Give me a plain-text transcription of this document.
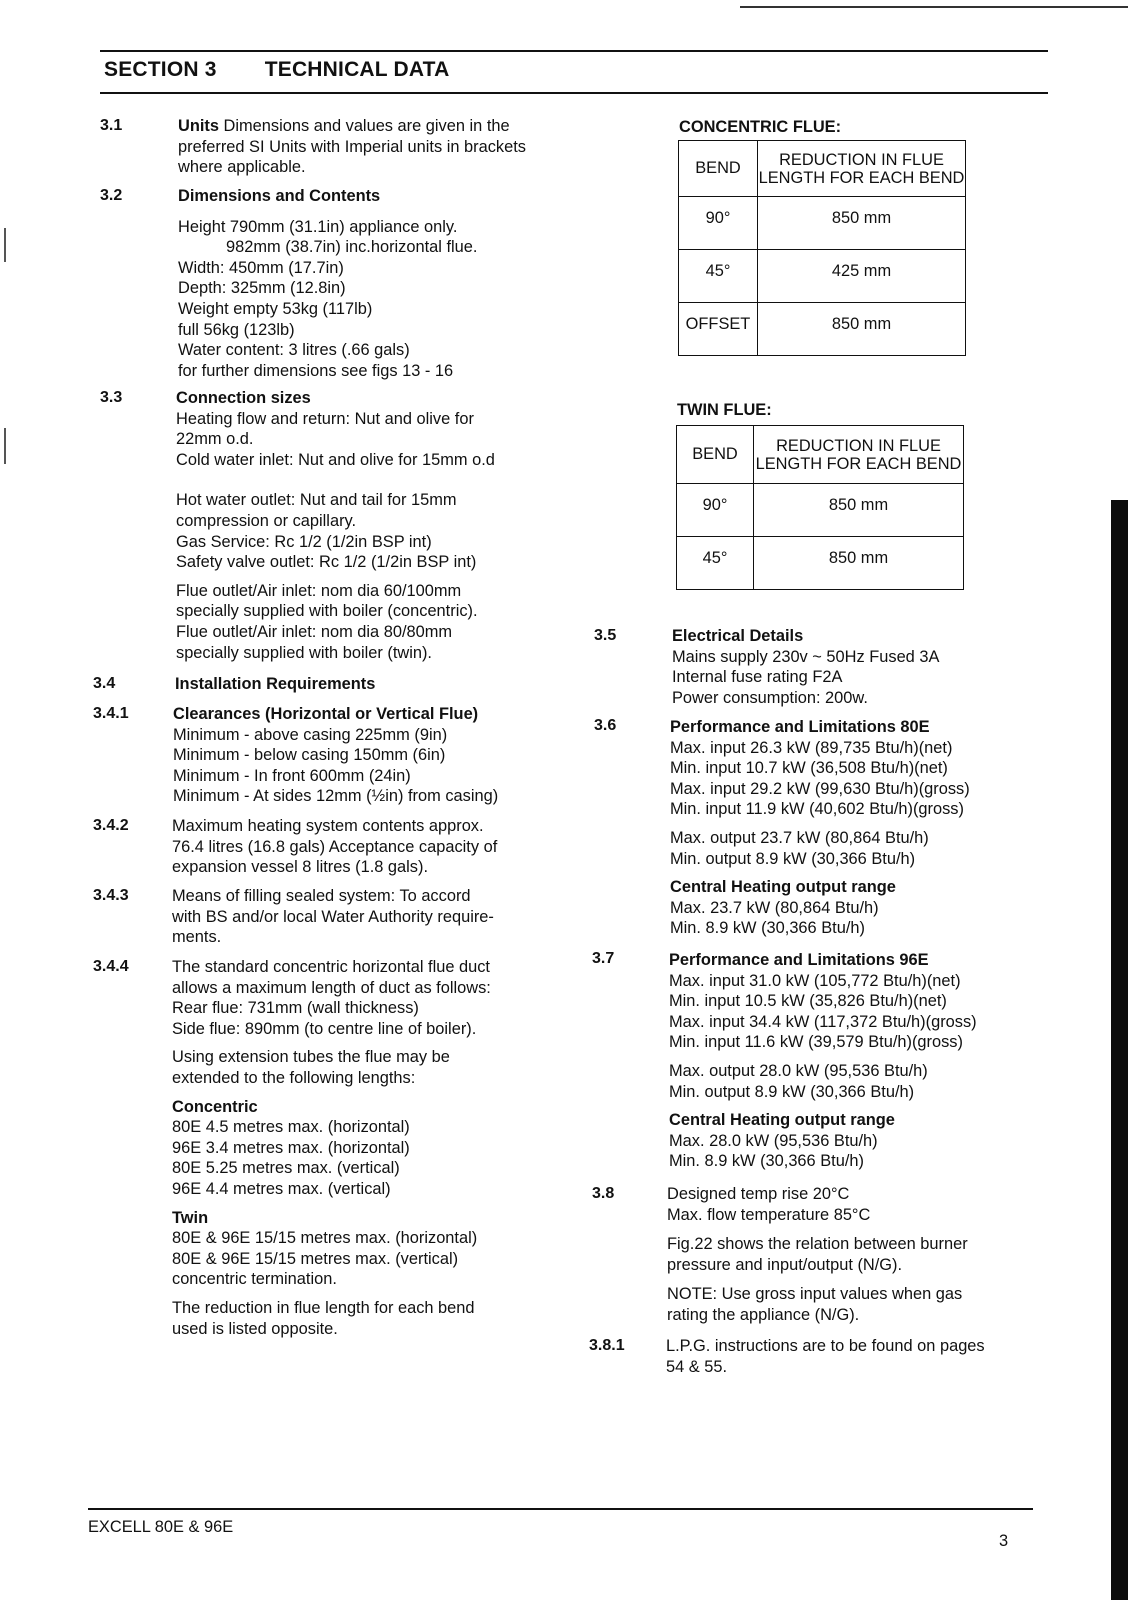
SECTION 3 TECHNICAL DATA
3.1	Units Dimensions and values are given in the preferred SI Units with Imperial units in brackets where applicable.
3.2	Dimensions and Contents
Height 790mm (31.1in) appliance only.
982mm (38.7in) inc.horizontal flue.
Width: 450mm (17.7in)
Depth: 325mm (12.8in)
Weight empty 53kg (117lb)
full 56kg (123lb)
Water content: 3 litres (.66 gals)
for further dimensions see figs 13 - 16
3.3	Connection sizes
Heating flow and return: Nut and olive for
22mm o.d.
Cold water inlet: Nut and olive for 15mm o.d
Hot water outlet: Nut and tail for 15mm
compression or capillary.
Gas Service: Rc 1/2 (1/2in BSP int)
Safety valve outlet: Rc 1/2 (1/2in BSP int)
Flue outlet/Air inlet: nom dia 60/100mm
specially supplied with boiler (concentric).
Flue outlet/Air inlet: nom dia 80/80mm
specially supplied with boiler (twin).
3.4	Installation Requirements
3.4.1	Clearances (Horizontal or Vertical Flue)
Minimum - above casing 225mm (9in)
Minimum - below casing 150mm (6in)
Minimum - In front 600mm (24in)
Minimum - At sides 12mm (½in) from casing)
3.4.2	Maximum heating system contents approx.
76.4 litres (16.8 gals) Acceptance capacity of
expansion vessel 8 litres (1.8 gals).
3.4.3	Means of filling sealed system: To accord
with BS and/or local Water Authority require-
ments.
3.4.4	The standard concentric horizontal flue duct
allows a maximum length of duct as follows:
Rear flue: 731mm (wall thickness)
Side flue: 890mm (to centre line of boiler).
Using extension tubes the flue may be
extended to the following lengths:
Concentric
80E 4.5 metres max. (horizontal)
96E 3.4 metres max. (horizontal)
80E 5.25 metres max. (vertical)
96E 4.4 metres max. (vertical)
Twin
80E & 96E 15/15 metres max. (horizontal)
80E & 96E 15/15 metres max. (vertical)
concentric termination.
The reduction in flue length for each bend
used is listed opposite.
CONCENTRIC FLUE:
BEND	REDUCTION IN FLUE LENGTH FOR EACH BEND
90°	850 mm
45°	425 mm
OFFSET	850 mm
TWIN FLUE:
BEND	REDUCTION IN FLUE LENGTH FOR EACH BEND
90°	850 mm
45°	850 mm
3.5	Electrical Details
Mains supply 230v ~ 50Hz Fused 3A
Internal fuse rating F2A
Power consumption: 200w.
3.6	Performance and Limitations 80E
Max. input 26.3 kW (89,735 Btu/h)(net)
Min. input 10.7 kW (36,508 Btu/h)(net)
Max. input 29.2 kW (99,630 Btu/h)(gross)
Min. input 11.9 kW (40,602 Btu/h)(gross)
Max. output 23.7 kW (80,864 Btu/h)
Min. output 8.9 kW (30,366 Btu/h)
Central Heating output range
Max. 23.7 kW (80,864 Btu/h)
Min. 8.9 kW (30,366 Btu/h)
3.7	Performance and Limitations 96E
Max. input 31.0 kW (105,772 Btu/h)(net)
Min. input 10.5 kW (35,826 Btu/h)(net)
Max. input 34.4 kW (117,372 Btu/h)(gross)
Min. input 11.6 kW (39,579 Btu/h)(gross)
Max. output 28.0 kW (95,536 Btu/h)
Min. output 8.9 kW (30,366 Btu/h)
Central Heating output range
Max. 28.0 kW (95,536 Btu/h)
Min. 8.9 kW (30,366 Btu/h)
3.8	Designed temp rise 20°C
Max. flow temperature 85°C
Fig.22 shows the relation between burner
pressure and input/output (N/G).
NOTE: Use gross input values when gas
rating the appliance (N/G).
3.8.1	L.P.G. instructions are to be found on pages
54 & 55.
EXCELL 80E & 96E
3
